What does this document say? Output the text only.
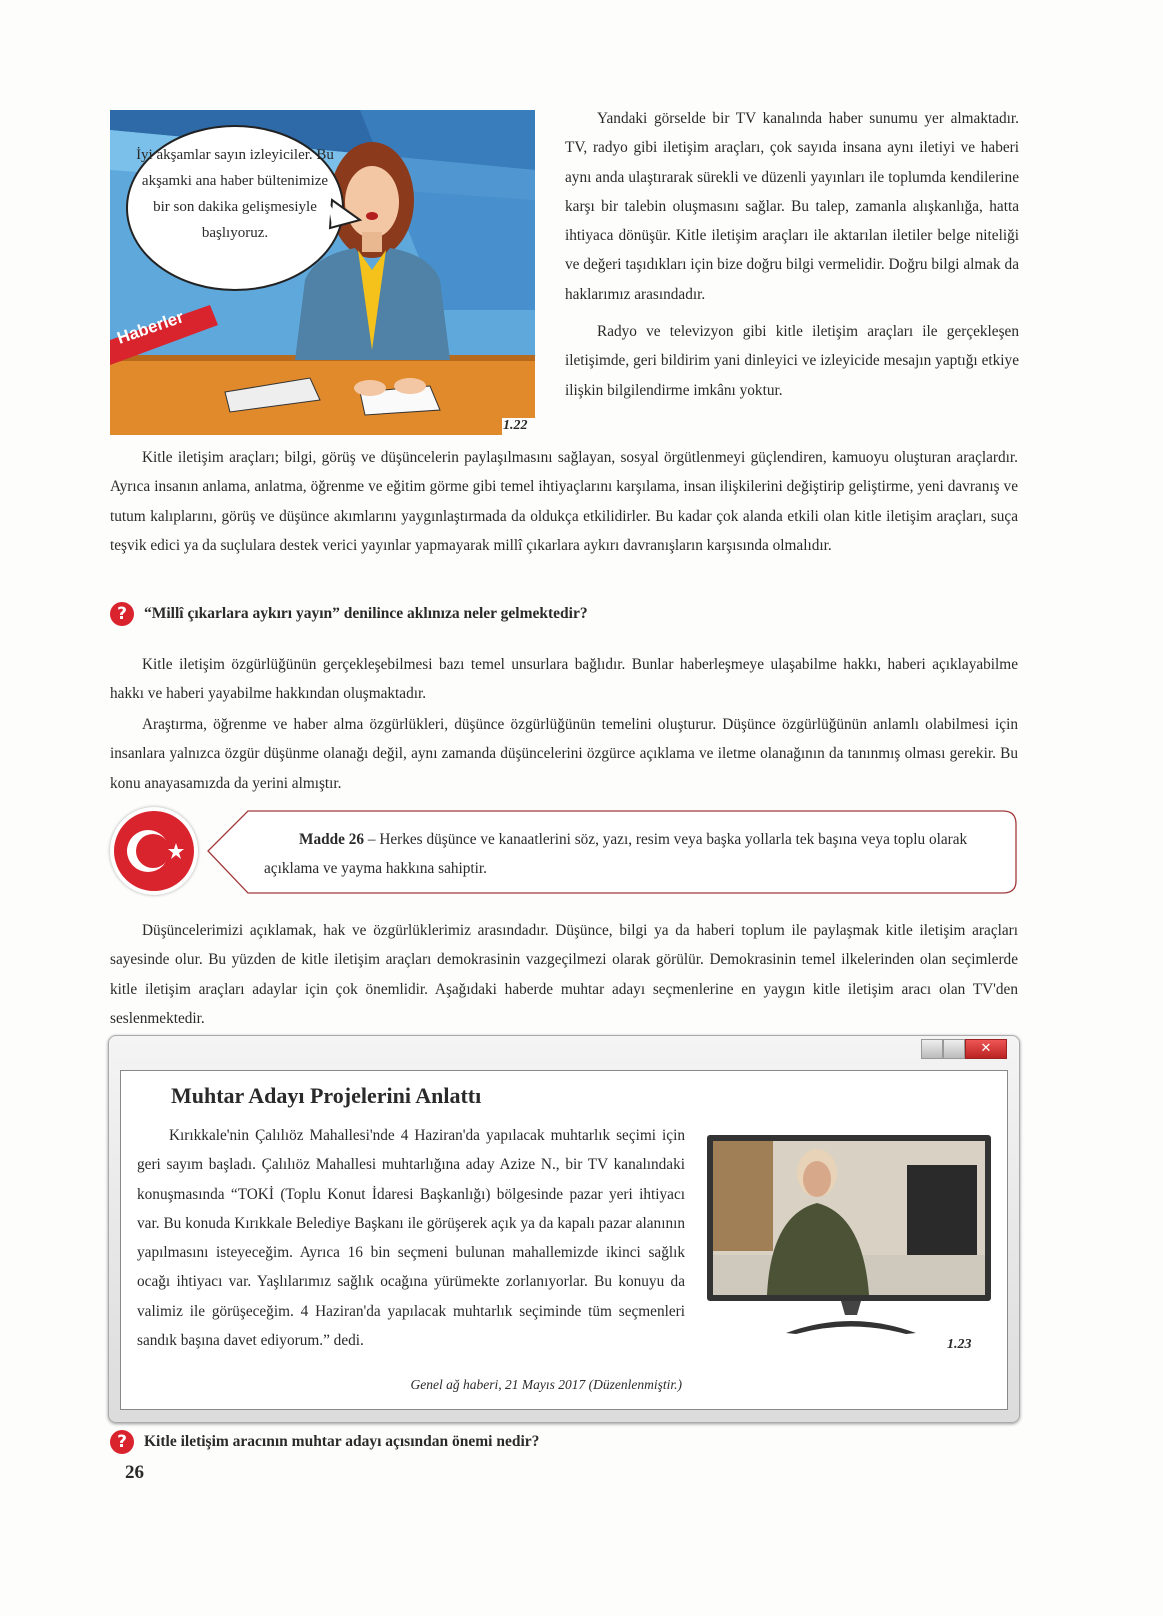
İyi akşamlar sayın izleyiciler. Bu akşamki ana haber bültenimize bir son dakika gelişmesiyle başlıyoruz.
Haberler
1.22

Yandaki görselde bir TV kanalında haber sunumu yer almaktadır. TV, radyo gibi iletişim araçları, çok sayıda insana aynı iletiyi ve haberi aynı anda ulaştırarak sürekli ve düzenli yayınları ile toplumda kendilerine karşı bir talebin oluşmasını sağlar. Bu talep, zamanla alışkanlığa, hatta ihtiyaca dönüşür. Kitle iletişim araçları ile aktarılan iletiler belge niteliği ve değeri taşıdıkları için bize doğru bilgi vermelidir. Doğru bilgi almak da haklarımız arasındadır.

Radyo ve televizyon gibi kitle iletişim araçları ile gerçekleşen iletişimde, geri bildirim yani dinleyici ve izleyicide mesajın yaptığı etkiye ilişkin bilgilendirme imkânı yoktur.

Kitle iletişim araçları; bilgi, görüş ve düşüncelerin paylaşılmasını sağlayan, sosyal örgütlenmeyi güçlendiren, kamuoyu oluşturan araçlardır. Ayrıca insanın anlama, anlatma, öğrenme ve eğitim görme gibi temel ihtiyaçlarını karşılama, insan ilişkilerini değiştirip geliştirme, yeni davranış ve tutum kalıplarını, görüş ve düşünce akımlarını yaygınlaştırmada da oldukça etkilidirler. Bu kadar çok alanda etkili olan kitle iletişim araçları, suça teşvik edici ya da suçlulara destek verici yayınlar yapmayarak millî çıkarlara aykırı davranışların karşısında olmalıdır.

?	“Millî çıkarlara aykırı yayın” denilince aklınıza neler gelmektedir?

Kitle iletişim özgürlüğünün gerçekleşebilmesi bazı temel unsurlara bağlıdır. Bunlar haberleşmeye ulaşabilme hakkı, haberi açıklayabilme hakkı ve haberi yayabilme hakkından oluşmaktadır.

Araştırma, öğrenme ve haber alma özgürlükleri, düşünce özgürlüğünün temelini oluşturur. Düşünce özgürlüğünün anlamlı olabilmesi için insanlara yalnızca özgür düşünme olanağı değil, aynı zamanda düşüncelerini özgürce açıklama ve iletme olanağının da tanınmış olması gerekir. Bu konu anayasamızda da yerini almıştır.

Madde 26 – Herkes düşünce ve kanaatlerini söz, yazı, resim veya başka yollarla tek başına veya toplu olarak açıklama ve yayma hakkına sahiptir.

Düşüncelerimizi açıklamak, hak ve özgürlüklerimiz arasındadır. Düşünce, bilgi ya da haberi toplum ile paylaşmak kitle iletişim araçları sayesinde olur. Bu yüzden de kitle iletişim araçları demokrasinin vazgeçilmezi olarak görülür. Demokrasinin temel ilkelerinden olan seçimlerde kitle iletişim araçları adaylar için çok önemlidir. Aşağıdaki haberde muhtar adayı seçmenlerine en yaygın kitle iletişim aracı olan TV'den seslenmektedir.

✕
Muhtar Adayı Projelerini Anlattı

Kırıkkale'nin Çalılıöz Mahallesi'nde 4 Haziran'da yapılacak muhtarlık seçimi için geri sayım başladı. Çalılıöz Mahallesi muhtarlığına aday Azize N., bir TV kanalındaki konuşmasında “TOKİ (Toplu Konut İdaresi Başkanlığı) bölgesinde pazar yeri ihtiyacı var. Bu konuda Kırıkkale Belediye Başkanı ile görüşerek açık ya da kapalı pazar alanının yapılmasını isteyeceğim. Ayrıca 16 bin seçmeni bulunan mahallemizde ikinci sağlık ocağı ihtiyacı var. Yaşlılarımız sağlık ocağına yürümekte zorlanıyorlar. Bu konuyu da valimiz ile görüşeceğim. 4 Haziran'da yapılacak muhtarlık seçiminde tüm seçmenleri sandık başına davet ediyorum.” dedi.

Genel ağ haberi, 21 Mayıs 2017 (Düzenlenmiştir.)
1.23
?	Kitle iletişim aracının muhtar adayı açısından önemi nedir?
26
